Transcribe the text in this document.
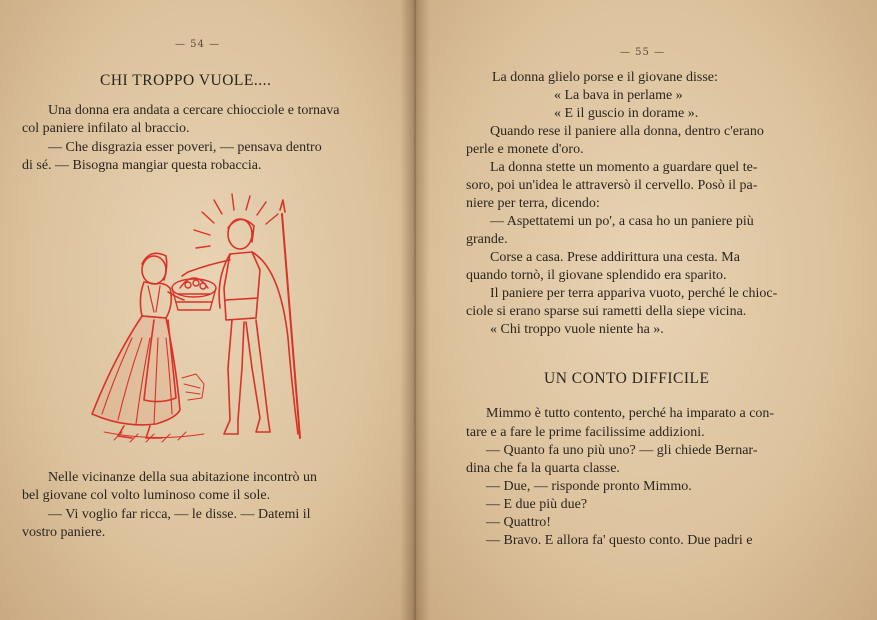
— 54 —
CHI TROPPO VUOLE....
Una donna era andata a cercare chiocciole e tornava
col paniere infilato al braccio.
— Che disgrazia esser poveri, — pensava dentro
di sé. — Bisogna mangiar questa robaccia.
Nelle vicinanze della sua abitazione incontrò un
bel giovane col volto luminoso come il sole.
— Vi voglio far ricca, — le disse. — Datemi il
vostro paniere.
— 55 —
La donna glielo porse e il giovane disse:
« La bava in perlame »
« E il guscio in dorame ».
Quando rese il paniere alla donna, dentro c'erano
perle e monete d'oro.
La donna stette un momento a guardare quel te-
soro, poi un'idea le attraversò il cervello. Posò il pa-
niere per terra, dicendo:
— Aspettatemi un po', a casa ho un paniere più
grande.
Corse a casa. Prese addirittura una cesta. Ma
quando tornò, il giovane splendido era sparito.
Il paniere per terra appariva vuoto, perché le chioc-
ciole si erano sparse sui rametti della siepe vicina.
« Chi troppo vuole niente ha ».
UN CONTO DIFFICILE
Mimmo è tutto contento, perché ha imparato a con-
tare e a fare le prime facilissime addizioni.
— Quanto fa uno più uno? — gli chiede Bernar-
dina che fa la quarta classe.
— Due, — risponde pronto Mimmo.
— E due più due?
— Quattro!
— Bravo. E allora fa' questo conto. Due padri e
